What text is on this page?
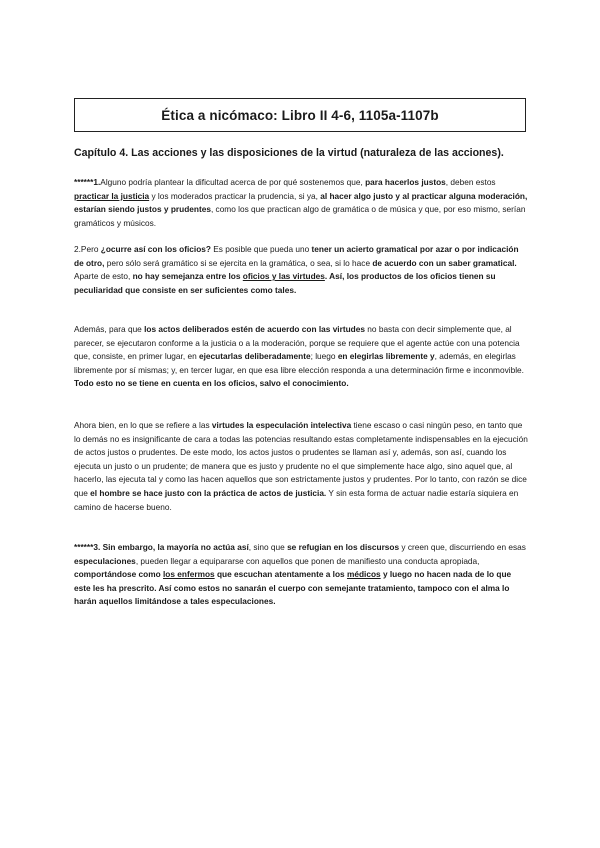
Ética a nicómaco: Libro II 4-6, 1105a-1107b
Capítulo 4. Las acciones y las disposiciones de la virtud (naturaleza de las acciones).
******1.Alguno podría plantear la dificultad acerca de por qué sostenemos que, para hacerlos justos, deben estos practicar la justicia y los moderados practicar la prudencia, si ya, al hacer algo justo y al practicar alguna moderación, estarían siendo justos y prudentes, como los que practican algo de gramática o de música y que, por eso mismo, serían gramáticos y músicos.
2.Pero ¿ocurre así con los oficios? Es posible que pueda uno tener un acierto gramatical por azar o por indicación de otro, pero sólo será gramático si se ejercita en la gramática, o sea, si lo hace de acuerdo con un saber gramatical. Aparte de esto, no hay semejanza entre los oficios y las virtudes. Así, los productos de los oficios tienen su peculiaridad que consiste en ser suficientes como tales.
Además, para que los actos deliberados estén de acuerdo con las virtudes no basta con decir simplemente que, al parecer, se ejecutaron conforme a la justicia o a la moderación, porque se requiere que el agente actúe con una potencia que, consiste, en primer lugar, en ejecutarlas deliberadamente; luego en elegirlas libremente y, además, en elegirlas libremente por sí mismas; y, en tercer lugar, en que esa libre elección responda a una determinación firme e inconmovible. Todo esto no se tiene en cuenta en los oficios, salvo el conocimiento.
Ahora bien, en lo que se refiere a las virtudes la especulación intelectiva tiene escaso o casi ningún peso, en tanto que lo demás no es insignificante de cara a todas las potencias resultando estas completamente indispensables en la ejecución de actos justos o prudentes. De este modo, los actos justos o prudentes se llaman así y, además, son así, cuando los ejecuta un justo o un prudente; de manera que es justo y prudente no el que simplemente hace algo, sino aquel que, al hacerlo, las ejecuta tal y como las hacen aquellos que son estrictamente justos y prudentes. Por lo tanto, con razón se dice que el hombre se hace justo con la práctica de actos de justicia. Y sin esta forma de actuar nadie estaría siquiera en camino de hacerse bueno.
******3. Sin embargo, la mayoría no actúa así, sino que se refugian en los discursos y creen que, discurriendo en esas especulaciones, pueden llegar a equipararse con aquellos que ponen de manifiesto una conducta apropiada, comportándose como los enfermos que escuchan atentamente a los médicos y luego no hacen nada de lo que este les ha prescrito. Así como estos no sanarán el cuerpo con semejante tratamiento, tampoco con el alma lo harán aquellos limitándose a tales especulaciones.
